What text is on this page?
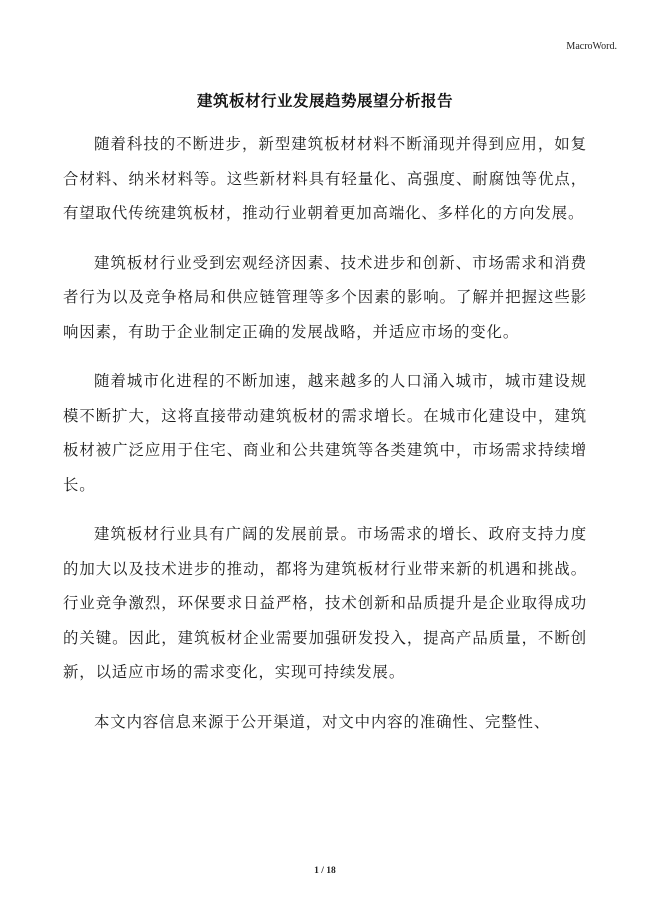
MacroWord.
建筑板材行业发展趋势展望分析报告

随着科技的不断进步，新型建筑板材材料不断涌现并得到应用，如复合材料、纳米材料等。这些新材料具有轻量化、高强度、耐腐蚀等优点，有望取代传统建筑板材，推动行业朝着更加高端化、多样化的方向发展。

建筑板材行业受到宏观经济因素、技术进步和创新、市场需求和消费者行为以及竞争格局和供应链管理等多个因素的影响。了解并把握这些影响因素，有助于企业制定正确的发展战略，并适应市场的变化。

随着城市化进程的不断加速，越来越多的人口涌入城市，城市建设规模不断扩大，这将直接带动建筑板材的需求增长。在城市化建设中，建筑板材被广泛应用于住宅、商业和公共建筑等各类建筑中，市场需求持续增长。

建筑板材行业具有广阔的发展前景。市场需求的增长、政府支持力度的加大以及技术进步的推动，都将为建筑板材行业带来新的机遇和挑战。行业竞争激烈，环保要求日益严格，技术创新和品质提升是企业取得成功的关键。因此，建筑板材企业需要加强研发投入，提高产品质量，不断创新，以适应市场的需求变化，实现可持续发展。

本文内容信息来源于公开渠道，对文中内容的准确性、完整性、

1 / 18
